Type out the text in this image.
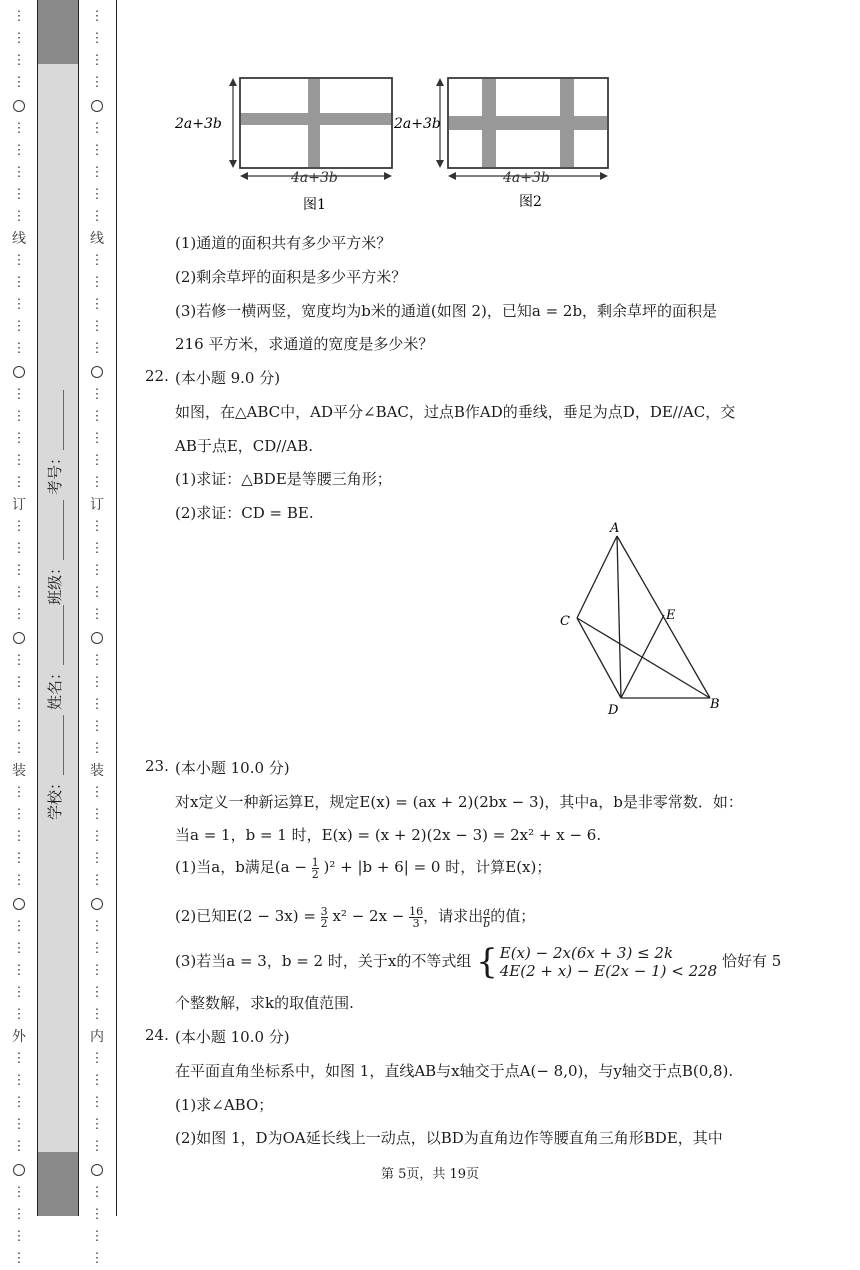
⋮
⋮
⋮
⋮
⋮
⋮
⋮
⋮
⋮
线
⋮
⋮
⋮
⋮
⋮
⋮
⋮
⋮
⋮
⋮
订
⋮
⋮
⋮
⋮
⋮
⋮
⋮
⋮
⋮
⋮
装
⋮
⋮
⋮
⋮
⋮
⋮
⋮
⋮
⋮
⋮
外
⋮
⋮
⋮
⋮
⋮
⋮
⋮
⋮
⋮
⋮
⋮
⋮
⋮
⋮
⋮
⋮
⋮
⋮
线
⋮
⋮
⋮
⋮
⋮
⋮
⋮
⋮
⋮
⋮
订
⋮
⋮
⋮
⋮
⋮
⋮
⋮
⋮
⋮
⋮
装
⋮
⋮
⋮
⋮
⋮
⋮
⋮
⋮
⋮
⋮
内
⋮
⋮
⋮
⋮
⋮
⋮
⋮
⋮
⋮
学校：________
姓名：________
班级：________
考号：________
2a+3b
4a+3b
图1
2a+3b
4a+3b
图2

(1)通道的面积共有多少平方米？

(2)剩余草坪的面积是多少平方米？

(3)若修一横两竖，宽度均为b米的通道(如图 2)，已知a = 2b，剩余草坪的面积是

216 平方米，求通道的宽度是多少米？

22. (本小题 9.0 分)

如图，在△ABC中，AD平分∠BAC，过点B作AD的垂线，垂足为点D，DE//AC，交

AB于点E，CD//AB.

(1)求证：△BDE是等腰三角形；

(2)求证：CD = BE.

23. (本小题 10.0 分)

对x定义一种新运算E，规定E(x) = (ax + 2)(2bx − 3)，其中a，b是非零常数．如：

当a = 1，b = 1 时，E(x) = (x + 2)(2x − 3) = 2x² + x − 6.

(1)当a，b满足$(a - \frac{1}{2} )^2 + |b + 6| = 0$ 时，计算E(x)；

(2)已知$E(2 - 3x) = \frac{3}{2} x^2 - 2x - \frac{16}{3}$ ，请求出 $\frac{a}{b}$ 的值；

(3)若当a = 3，b = 2 时，关于x的不等式组 { E(x) − 2x(6x + 3) ≤ 2k
4E(2 + x) − E(2x − 1) < 228
恰好有 5

个整数解，求k的取值范围.

24. (本小题 10.0 分)

在平面直角坐标系中，如图 1，直线AB与x轴交于点A(− 8,0)，与y轴交于点B(0,8).

(1)求∠ABO；

(2)如图 1，D为OA延长线上一动点，以BD为直角边作等腰直角三角形BDE，其中

A
C	E
D	B
第 5页，共 19页
